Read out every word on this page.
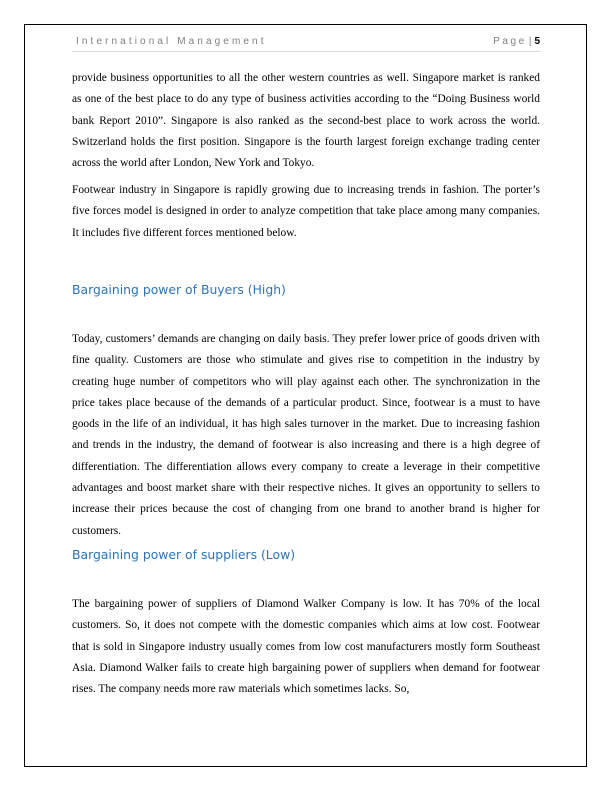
International Management	Page | 5

provide business opportunities to all the other western countries as well. Singapore market is ranked as one of the best place to do any type of business activities according to the “Doing Business world bank Report 2010”. Singapore is also ranked as the second-best place to work across the world. Switzerland holds the first position. Singapore is the fourth largest foreign exchange trading center across the world after London, New York and Tokyo.

Footwear industry in Singapore is rapidly growing due to increasing trends in fashion. The porter’s five forces model is designed in order to analyze competition that take place among many companies. It includes five different forces mentioned below.

Bargaining power of Buyers (High)

Today, customers’ demands are changing on daily basis. They prefer lower price of goods driven with fine quality. Customers are those who stimulate and gives rise to competition in the industry by creating huge number of competitors who will play against each other. The synchronization in the price takes place because of the demands of a particular product. Since, footwear is a must to have goods in the life of an individual, it has high sales turnover in the market. Due to increasing fashion and trends in the industry, the demand of footwear is also increasing and there is a high degree of differentiation. The differentiation allows every company to create a leverage in their competitive advantages and boost market share with their respective niches. It gives an opportunity to sellers to increase their prices because the cost of changing from one brand to another brand is higher for customers.

Bargaining power of suppliers (Low)

The bargaining power of suppliers of Diamond Walker Company is low. It has 70% of the local customers. So, it does not compete with the domestic companies which aims at low cost. Footwear that is sold in Singapore industry usually comes from low cost manufacturers mostly form Southeast Asia. Diamond Walker fails to create high bargaining power of suppliers when demand for footwear rises. The company needs more raw materials which sometimes lacks. So,
